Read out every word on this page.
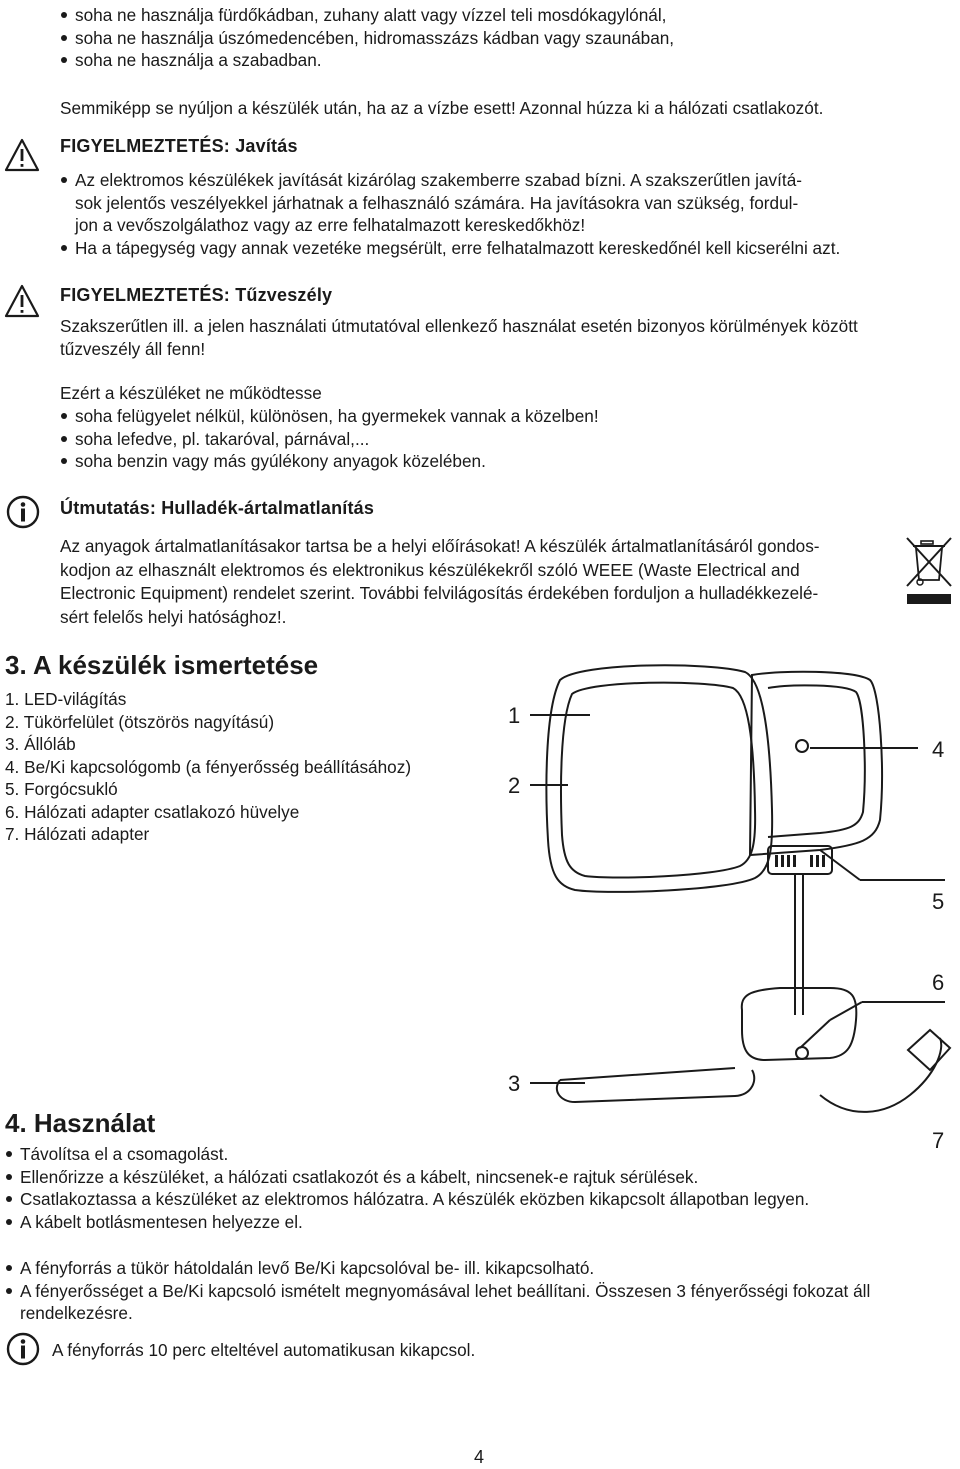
soha ne használja fürdőkádban, zuhany alatt vagy vízzel teli mosdókagylónál,
soha ne használja úszómedencében, hidromasszázs kádban vagy szaunában,
soha ne használja a szabadban.
Semmiképp se nyúljon a készülék után, ha az a vízbe esett! Azonnal húzza ki a hálózati csatlakozót.
FIGYELMEZTETÉS: Javítás
Az elektromos készülékek javítását kizárólag szakemberre szabad bízni. A szakszerűtlen javítá-
sok jelentős veszélyekkel járhatnak a felhasználó számára. Ha javításokra van szükség, fordul-
jon a vevőszolgálathoz vagy az erre felhatalmazott kereskedőkhöz!
Ha a tápegység vagy annak vezetéke megsérült, erre felhatalmazott kereskedőnél kell kicserélni azt.
FIGYELMEZTETÉS: Tűzveszély
Szakszerűtlen ill. a jelen használati útmutatóval ellenkező használat esetén bizonyos körülmények között
tűzveszély áll fenn!
Ezért a készüléket ne működtesse
soha felügyelet nélkül, különösen, ha gyermekek vannak a közelben!
soha lefedve, pl. takaróval, párnával,...
soha benzin vagy más gyúlékony anyagok közelében.
Útmutatás: Hulladék-ártalmatlanítás
Az anyagok ártalmatlanításakor tartsa be a helyi előírásokat! A készülék ártalmatlanításáról gondos-
kodjon az elhasznált elektromos és elektronikus készülékekről szóló WEEE (Waste Electrical and
Electronic Equipment) rendelet szerint. További felvilágosítás érdekében forduljon a hulladékkezelé-
sért felelős helyi hatósághoz!.
3. A készülék ismertetése
1. LED-világítás
2. Tükörfelület (ötszörös nagyítású)
3. Állóláb
4. Be/Ki kapcsológomb (a fényerősség beállításához)
5. Forgócsukló
6. Hálózati adapter csatlakozó hüvelye
7. Hálózati adapter
1
2
4
5
6
3
7
4. Használat
Távolítsa el a csomagolást.
Ellenőrizze a készüléket, a hálózati csatlakozót és a kábelt, nincsenek-e rajtuk sérülések.
Csatlakoztassa a készüléket az elektromos hálózatra. A készülék eközben kikapcsolt állapotban legyen.
A kábelt botlásmentesen helyezze el.
A fényforrás a tükör hátoldalán levő Be/Ki kapcsolóval be- ill. kikapcsolható.
A fényerősséget a Be/Ki kapcsoló ismételt megnyomásával lehet beállítani. Összesen 3 fényerősségi fokozat áll
rendelkezésre.
A fényforrás 10 perc elteltével automatikusan kikapcsol.
4
